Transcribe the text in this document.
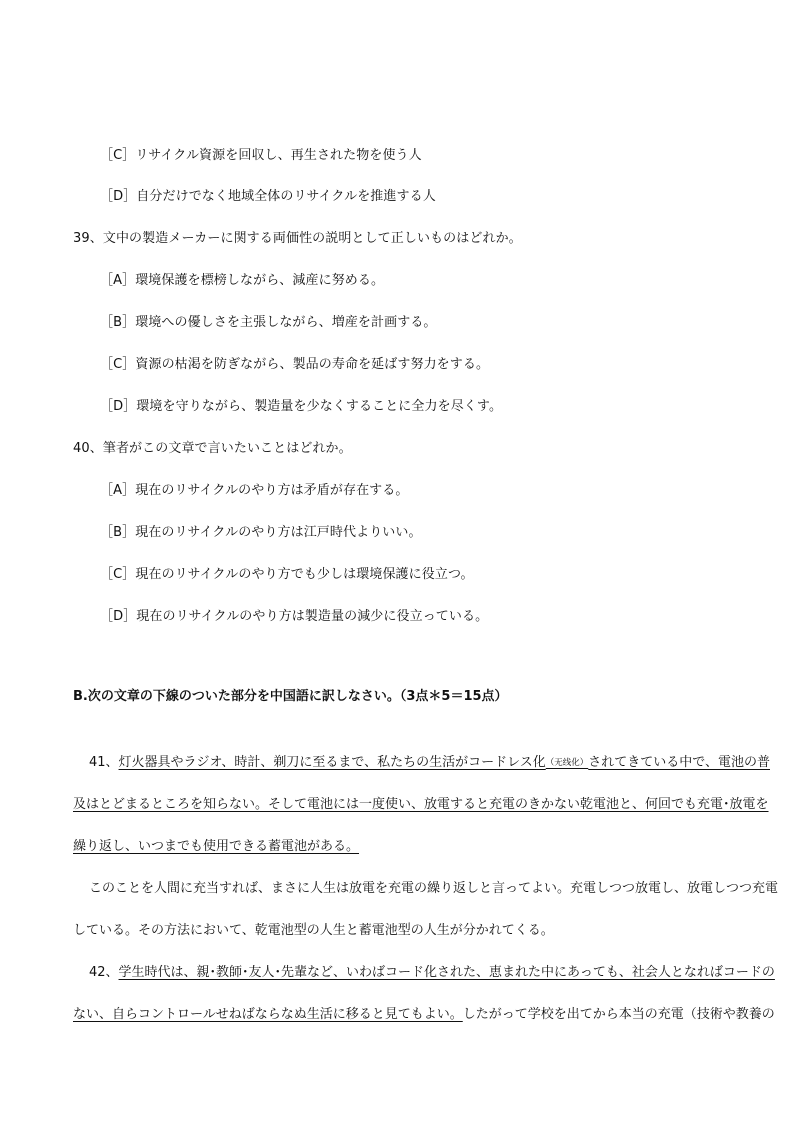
［C］リサイクル資源を回収し、再生された物を使う人
［D］自分だけでなく地域全体のリサイクルを推進する人
39、文中の製造メーカーに関する両価性の説明として正しいものはどれか。
［A］環境保護を標榜しながら、減産に努める。
［B］環境への優しさを主張しながら、増産を計画する。
［C］資源の枯渇を防ぎながら、製品の寿命を延ばす努力をする。
［D］環境を守りながら、製造量を少なくすることに全力を尽くす。
40、筆者がこの文章で言いたいことはどれか。
［A］現在のリサイクルのやり方は矛盾が存在する。
［B］現在のリサイクルのやり方は江戸時代よりいい。
［C］現在のリサイクルのやり方でも少しは環境保護に役立つ。
［D］現在のリサイクルのやり方は製造量の減少に役立っている。
B.次の文章の下線のついた部分を中国語に訳しなさい。（3点＊5＝15点）
41、灯火器具やラジオ、時計、剃刀に至るまで、私たちの生活がコードレス化（无线化）されてきている中で、電池の普
及はとどまるところを知らない。そして電池には一度使い、放電すると充電のきかない乾電池と、何回でも充電･放電を
繰り返し、いつまでも使用できる蓄電池がある。
このことを人間に充当すれば、まさに人生は放電を充電の繰り返しと言ってよい。充電しつつ放電し、放電しつつ充電
している。その方法において、乾電池型の人生と蓄電池型の人生が分かれてくる。
42、学生時代は、親･教師･友人･先輩など、いわばコード化された、恵まれた中にあっても、社会人となればコードの
ない、自らコントロールせねばならなぬ生活に移ると見てもよい。したがって学校を出てから本当の充電（技術や教養の
